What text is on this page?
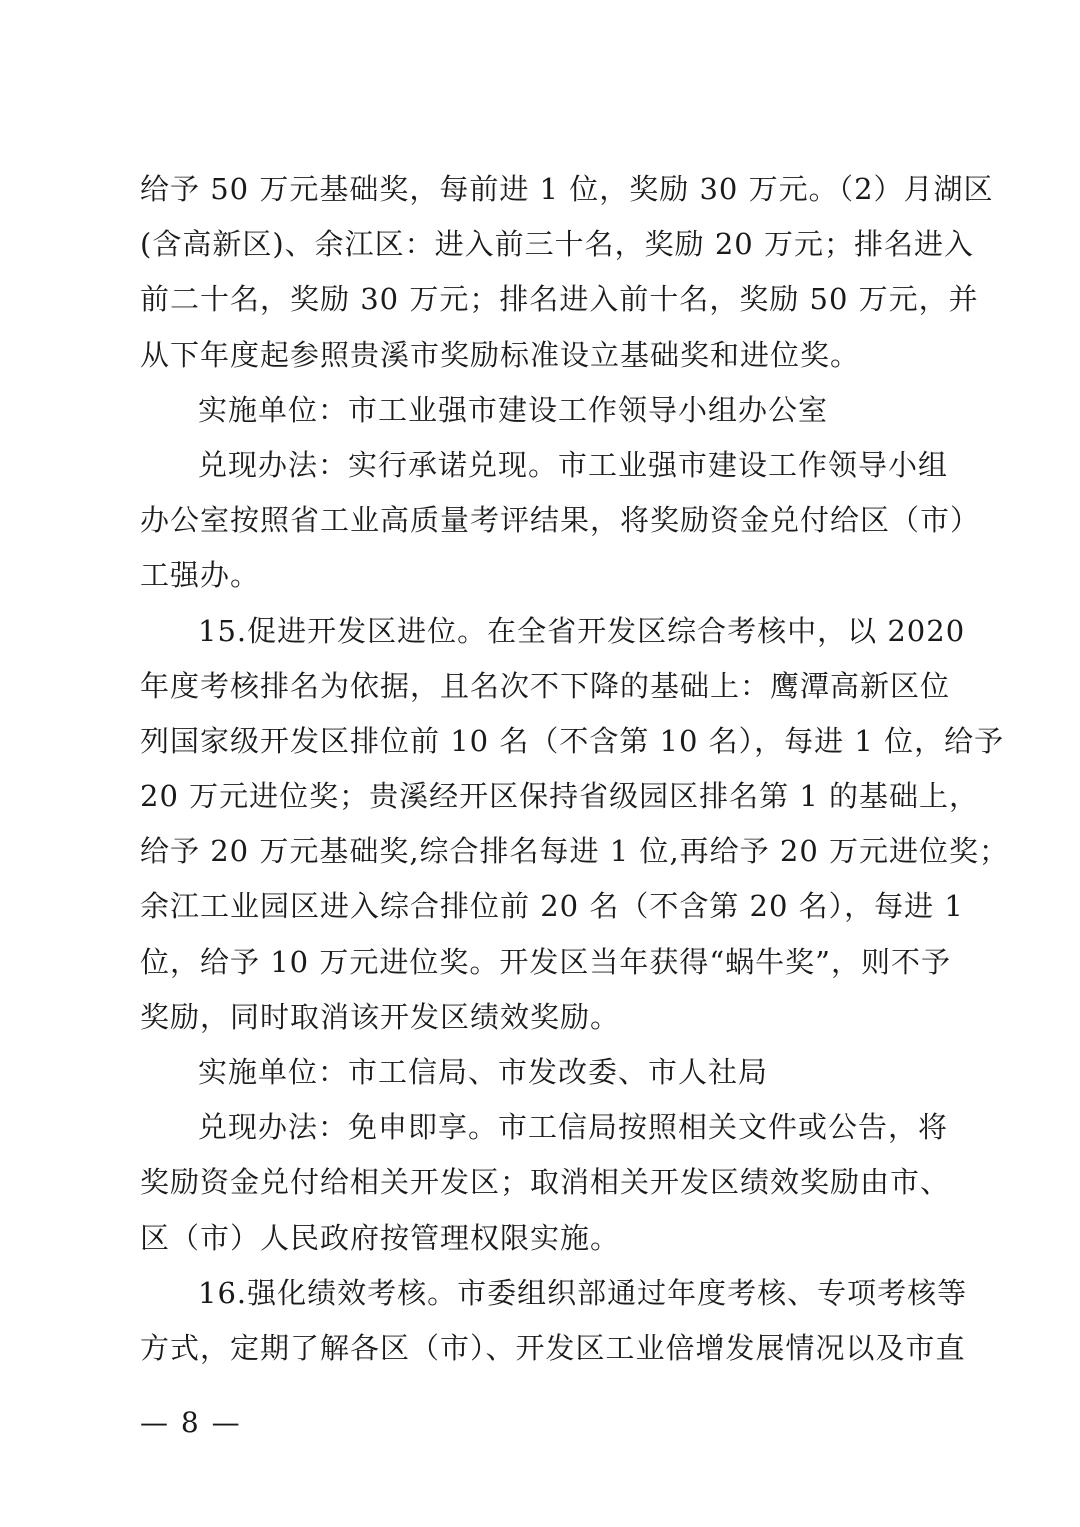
给予 50 万元基础奖，每前进 1 位，奖励 30 万元。（2）月湖区
(含高新区)、余江区：进入前三十名，奖励 20 万元；排名进入
前二十名，奖励 30 万元；排名进入前十名，奖励 50 万元，并
从下年度起参照贵溪市奖励标准设立基础奖和进位奖。
实施单位：市工业强市建设工作领导小组办公室
兑现办法：实行承诺兑现。市工业强市建设工作领导小组
办公室按照省工业高质量考评结果，将奖励资金兑付给区（市）
工强办。
15.促进开发区进位。在全省开发区综合考核中，以 2020
年度考核排名为依据，且名次不下降的基础上：鹰潭高新区位
列国家级开发区排位前 10 名（不含第 10 名），每进 1 位，给予
20 万元进位奖；贵溪经开区保持省级园区排名第 1 的基础上，
给予 20 万元基础奖,综合排名每进 1 位,再给予 20 万元进位奖；
余江工业园区进入综合排位前 20 名（不含第 20 名），每进 1
位，给予 10 万元进位奖。开发区当年获得“蜗牛奖”，则不予
奖励，同时取消该开发区绩效奖励。
实施单位：市工信局、市发改委、市人社局
兑现办法：免申即享。市工信局按照相关文件或公告，将
奖励资金兑付给相关开发区；取消相关开发区绩效奖励由市、
区（市）人民政府按管理权限实施。
16.强化绩效考核。市委组织部通过年度考核、专项考核等
方式，定期了解各区（市）、开发区工业倍增发展情况以及市直
— 8 —
